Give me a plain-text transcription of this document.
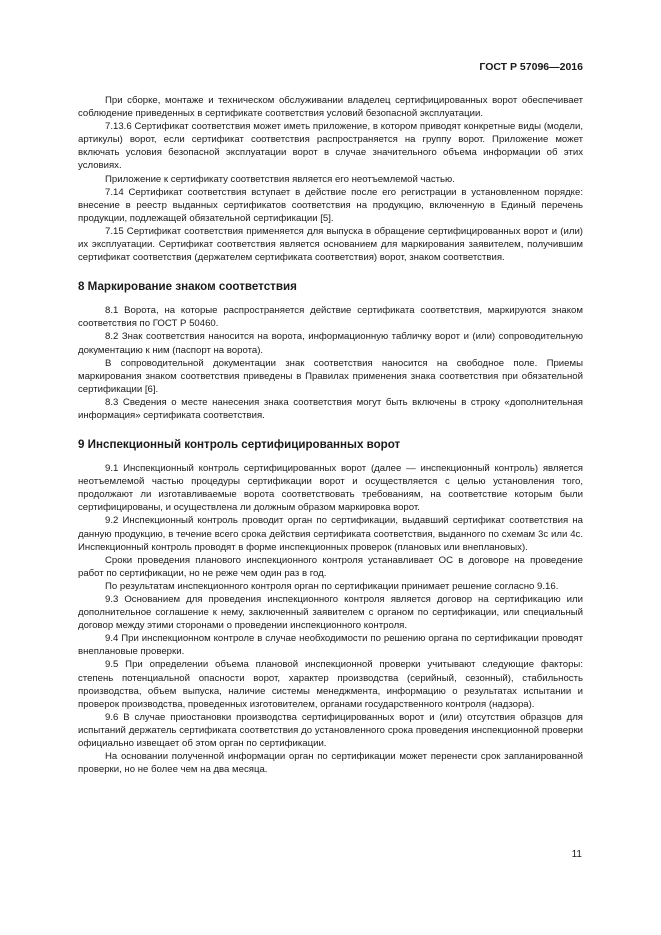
ГОСТ Р 57096—2016

При сборке, монтаже и техническом обслуживании владелец сертифицированных ворот обеспечивает соблюдение приведенных в сертификате соответствия условий безопасной эксплуатации.

7.13.6 Сертификат соответствия может иметь приложение, в котором приводят конкретные виды (модели, артикулы) ворот, если сертификат соответствия распространяется на группу ворот. Приложение может включать условия безопасной эксплуатации ворот в случае значительного объема информации об этих условиях.

Приложение к сертификату соответствия является его неотъемлемой частью.

7.14 Сертификат соответствия вступает в действие после его регистрации в установленном порядке: внесение в реестр выданных сертификатов соответствия на продукцию, включенную в Единый перечень продукции, подлежащей обязательной сертификации [5].

7.15 Сертификат соответствия применяется для выпуска в обращение сертифицированных ворот и (или) их эксплуатации. Сертификат соответствия является основанием для маркирования заявителем, получившим сертификат соответствия (держателем сертификата соответствия) ворот, знаком соответствия.

8 Маркирование знаком соответствия

8.1 Ворота, на которые распространяется действие сертификата соответствия, маркируются знаком соответствия по ГОСТ Р 50460.

8.2 Знак соответствия наносится на ворота, информационную табличку ворот и (или) сопроводительную документацию к ним (паспорт на ворота).

В сопроводительной документации знак соответствия наносится на свободное поле. Приемы маркирования знаком соответствия приведены в Правилах применения знака соответствия при обязательной сертификации [6].

8.3 Сведения о месте нанесения знака соответствия могут быть включены в строку «дополнительная информация» сертификата соответствия.

9 Инспекционный контроль сертифицированных ворот

9.1 Инспекционный контроль сертифицированных ворот (далее — инспекционный контроль) является неотъемлемой частью процедуры сертификации ворот и осуществляется с целью установления того, продолжают ли изготавливаемые ворота соответствовать требованиям, на соответствие которым были сертифицированы, и осуществлена ли должным образом маркировка ворот.

9.2 Инспекционный контроль проводит орган по сертификации, выдавший сертификат соответствия на данную продукцию, в течение всего срока действия сертификата соответствия, выданного по схемам 3с или 4с. Инспекционный контроль проводят в форме инспекционных проверок (плановых или внеплановых).

Сроки проведения планового инспекционного контроля устанавливает ОС в договоре на проведение работ по сертификации, но не реже чем один раз в год.

По результатам инспекционного контроля орган по сертификации принимает решение согласно 9.16.

9.3 Основанием для проведения инспекционного контроля является договор на сертификацию или дополнительное соглашение к нему, заключенный заявителем с органом по сертификации, или специальный договор между этими сторонами о проведении инспекционного контроля.

9.4 При инспекционном контроле в случае необходимости по решению органа по сертификации проводят внеплановые проверки.

9.5 При определении объема плановой инспекционной проверки учитывают следующие факторы: степень потенциальной опасности ворот, характер производства (серийный, сезонный), стабильность производства, объем выпуска, наличие системы менеджмента, информацию о результатах испытании и проверок производства, проведенных изготовителем, органами государственного контроля (надзора).

9.6 В случае приостановки производства сертифицированных ворот и (или) отсутствия образцов для испытаний держатель сертификата соответствия до установленного срока проведения инспекционной проверки официально извещает об этом орган по сертификации.

На основании полученной информации орган по сертификации может перенести срок запланированной проверки, но не более чем на два месяца.

11
